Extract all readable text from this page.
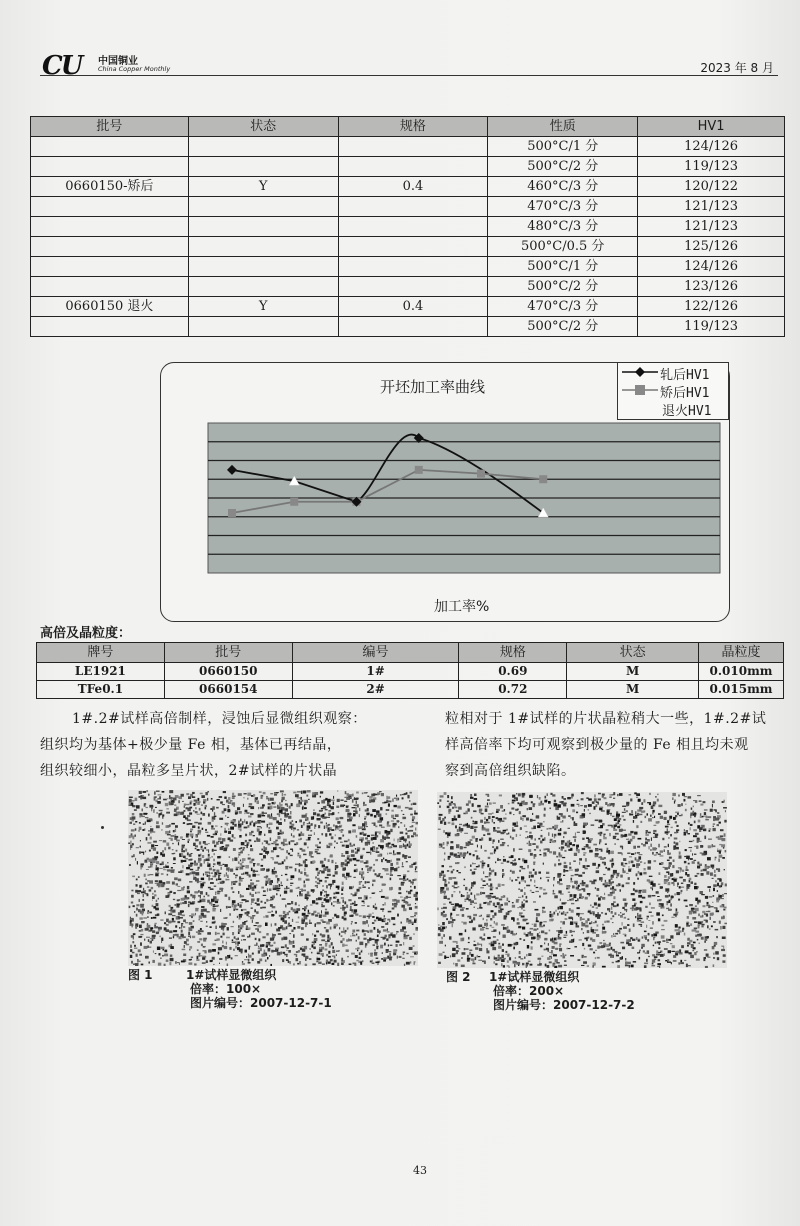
CU 中国铜业
China Copper Monthly	2023 年 8 月
批号	状态	规格	性质	HV1
			500°C/1 分	124/126
			500°C/2 分	119/123
0660150-矫后	Y	0.4	460°C/3 分	120/122
			470°C/3 分	121/123
			480°C/3 分	121/123
			500°C/0.5 分	125/126
			500°C/1 分	124/126
			500°C/2 分	123/126
0660150 退火	Y	0.4	470°C/3 分	122/126
			500°C/2 分	119/123
开坯加工率曲线
加工率%
轧后HV1
矫后HV1
退火HV1
高倍及晶粒度：
牌号	批号	编号	规格	状态	晶粒度
LE1921	0660150	1#	0.69	M	0.010mm
TFe0.1	0660154	2#	0.72	M	0.015mm
1#.2#试样高倍制样，浸蚀后显微组织观察：
组织均为基体+极少量 Fe 相，基体已再结晶，
组织较细小，晶粒多呈片状，2#试样的片状晶
粒相对于 1#试样的片状晶粒稍大一些，1#.2#试
样高倍率下均可观察到极少量的 Fe 相且均未观
察到高倍组织缺陷。
图 1	1#试样显微组织
倍率：100×
图片编号：2007-12-7-1
图 2 1#试样显微组织
倍率：200×
图片编号：2007-12-7-2
43
